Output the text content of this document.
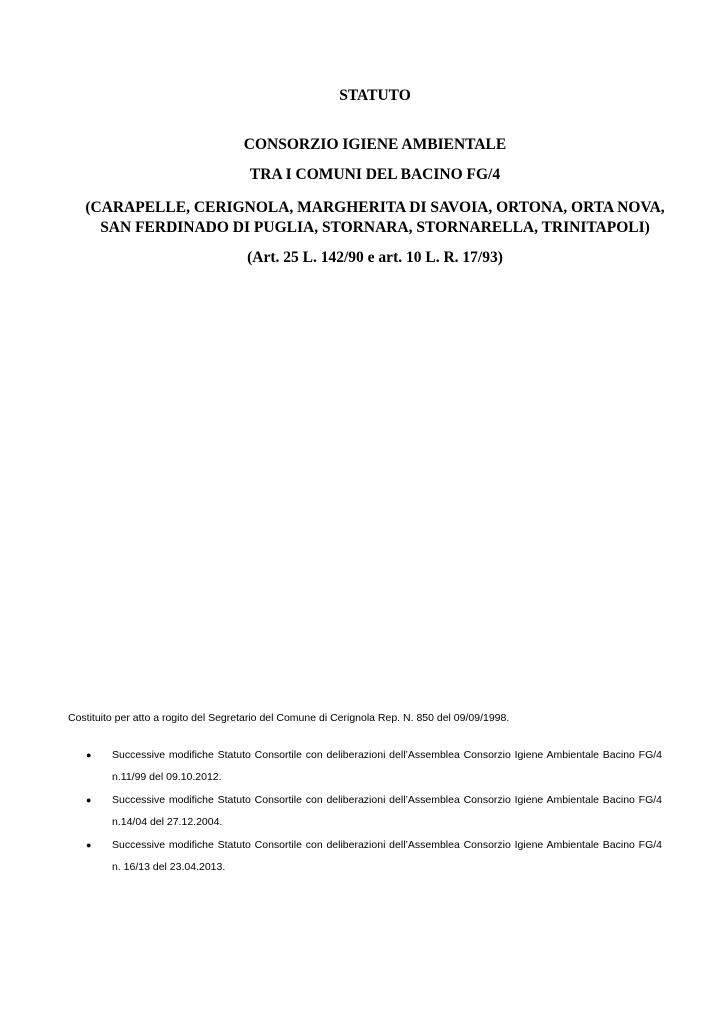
STATUTO
CONSORZIO IGIENE AMBIENTALE
TRA I COMUNI DEL BACINO FG/4
(CARAPELLE, CERIGNOLA, MARGHERITA DI SAVOIA, ORTONA, ORTA NOVA,
SAN FERDINADO DI PUGLIA, STORNARA, STORNARELLA, TRINITAPOLI)
(Art. 25 L. 142/90 e art. 10 L. R. 17/93)
Costituito per atto a rogito del Segretario del Comune di Cerignola Rep. N. 850 del 09/09/1998.
● Successive modifiche Statuto Consortile con deliberazioni dell’Assemblea Consorzio Igiene Ambientale Bacino FG/4 n.11/99 del 09.10.2012.
● Successive modifiche Statuto Consortile con deliberazioni dell’Assemblea Consorzio Igiene Ambientale Bacino FG/4 n.14/04 del 27.12.2004.
● Successive modifiche Statuto Consortile con deliberazioni dell’Assemblea Consorzio Igiene Ambientale Bacino FG/4 n. 16/13 del 23.04.2013.
